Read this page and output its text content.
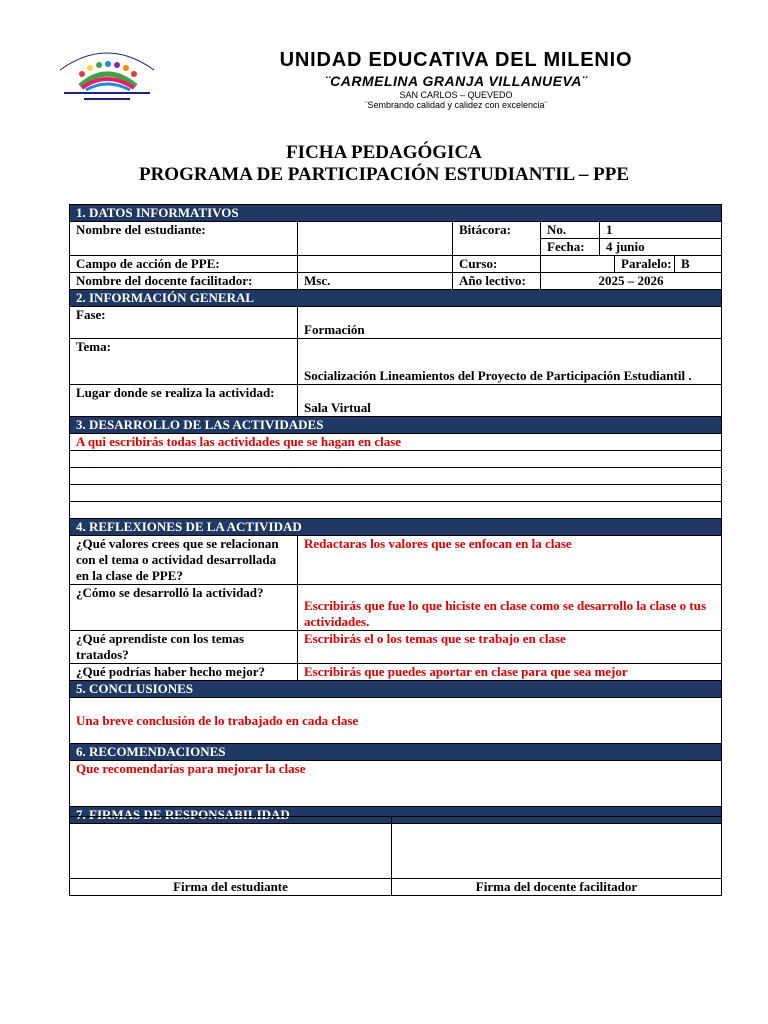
UNIDAD EDUCATIVA DEL MILENIO
¨CARMELINA GRANJA VILLANUEVA¨
SAN CARLOS – QUEVEDO
¨Sembrando calidad y calidez con excelencia¨
FICHA PEDAGÓGICA
PROGRAMA DE PARTICIPACIÓN ESTUDIANTIL – PPE
1. DATOS INFORMATIVOS						
Nombre del estudiante:		Bitácora:	No.	1		
			Fecha:	4 junio		
Campo de acción de PPE:		Curso:			Paralelo:	B
Nombre del docente facilitador:	Msc.	Año lectivo:	2025 – 2026			
2. INFORMACIÓN GENERAL						
Fase:	Formación					
Tema:	Socialización Lineamientos del Proyecto de Participación Estudiantil .					
Lugar donde se realiza la actividad:	Sala Virtual					
3. DESARROLLO DE LAS ACTIVIDADES						
A qui escribirás todas las actividades que se hagan en clase						

4. REFLEXIONES DE LA ACTIVIDAD						
¿Qué valores crees que se relacionan con el tema o actividad desarrollada en la clase de PPE?	Redactaras los valores que se enfocan en la clase					
¿Cómo se desarrolló la actividad?	Escribirás que fue lo que hiciste en clase como se desarrollo la clase o tus actividades.					
¿Qué aprendiste con los temas tratados?	Escribirás el o los temas que se trabajo en clase					
¿Qué podrías haber hecho mejor?	Escribirás que puedes aportar en clase para que sea mejor					
5. CONCLUSIONES						
Una breve conclusión de lo trabajado en cada clase						
6. RECOMENDACIONES						
Que recomendarías para mejorar la clase						
7. FIRMAS DE RESPONSABILIDAD						

Firma del estudiante	Firma del docente facilitador
